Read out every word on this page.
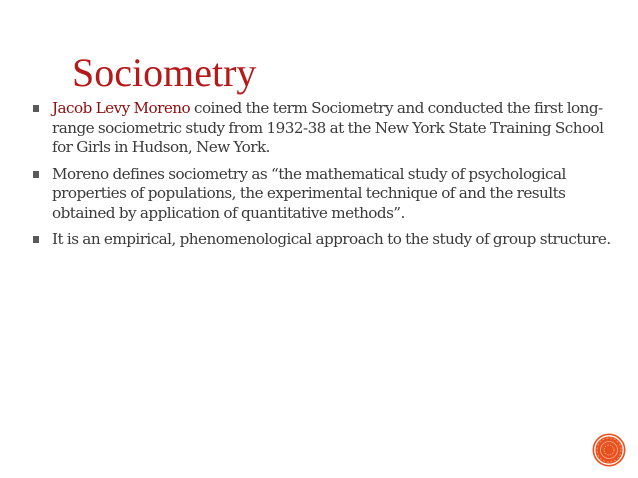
Sociometry
Jacob Levy Moreno coined the term Sociometry and conducted the first long-range sociometric study from 1932-38 at the New York State Training School for Girls in Hudson, New York.
Moreno defines sociometry as “the mathematical study of psychological properties of populations, the experimental technique of and the results obtained by application of quantitative methods”.
It is an empirical, phenomenological approach to the study of group structure.
